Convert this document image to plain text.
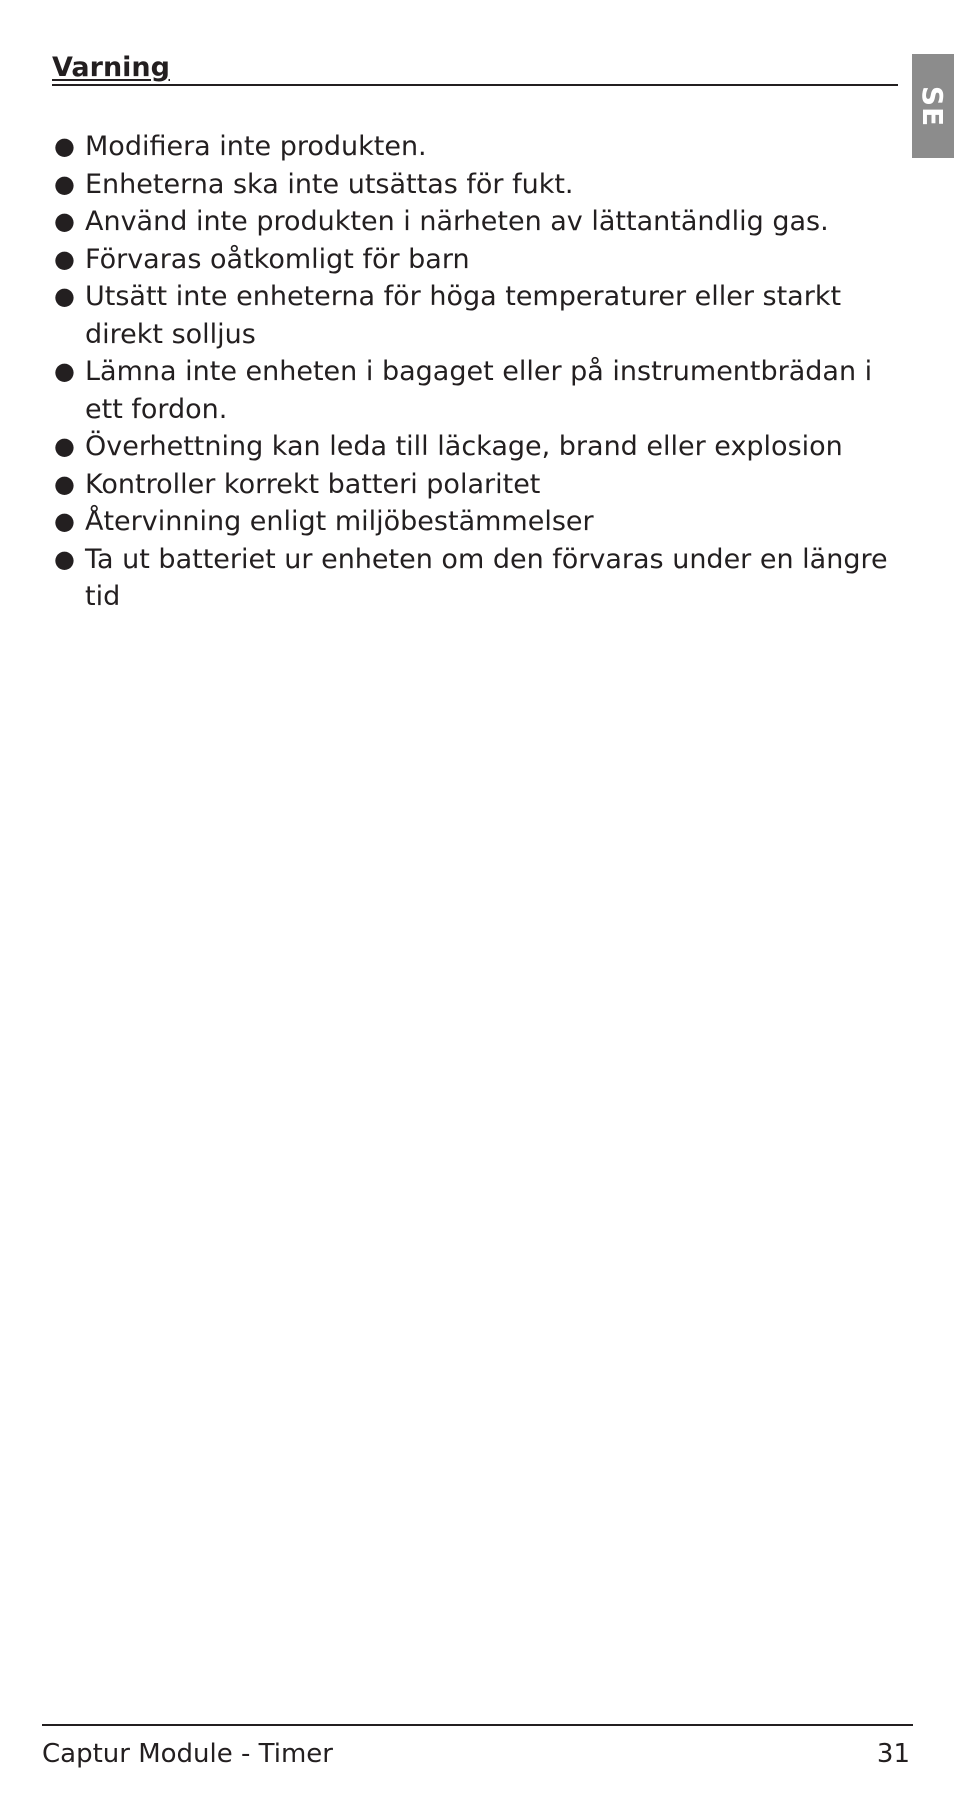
Varning
SE
● Modifiera inte produkten.
● Enheterna ska inte utsättas för fukt.
● Använd inte produkten i närheten av lättantändlig gas.
● Förvaras oåtkomligt för barn
● Utsätt inte enheterna för höga temperaturer eller starkt direkt solljus
● Lämna inte enheten i bagaget eller på instrumentbrädan i ett fordon.
● Överhettning kan leda till läckage, brand eller explosion
● Kontroller korrekt batteri polaritet
● Återvinning enligt miljöbestämmelser
● Ta ut batteriet ur enheten om den förvaras under en längre tid
Captur Module - Timer	31
